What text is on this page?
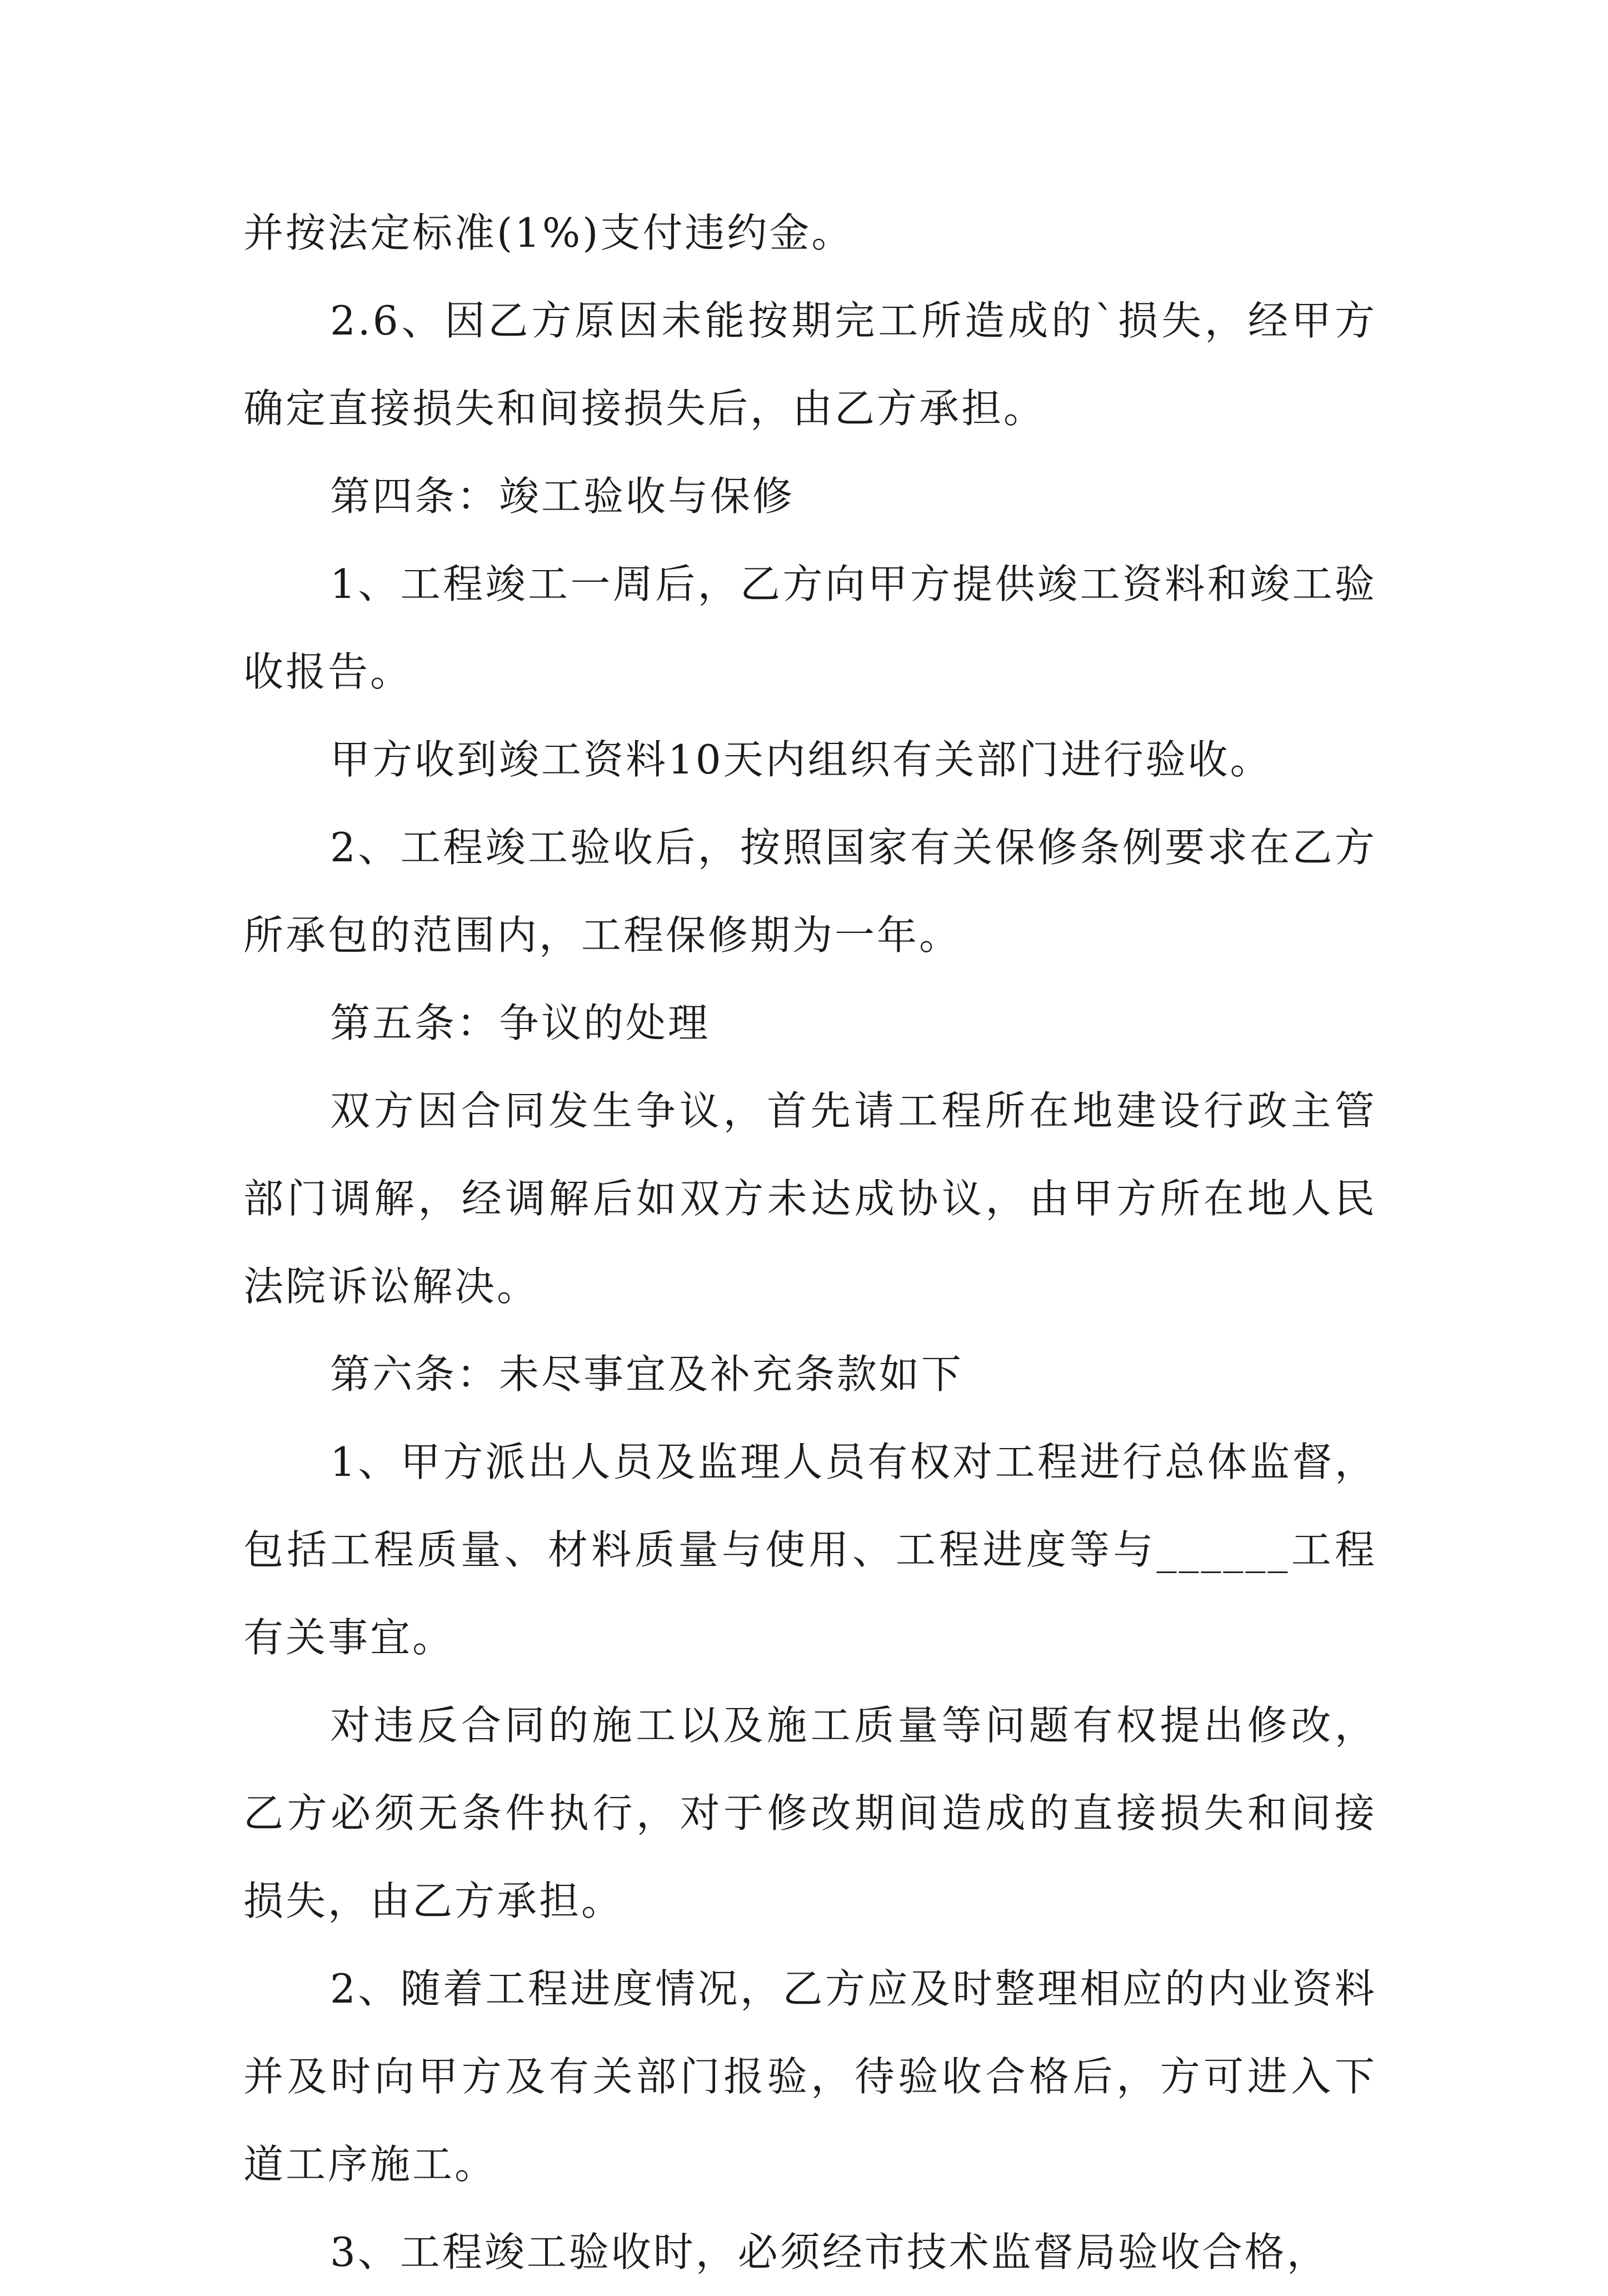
并按法定标准(1%)支付违约金。

2.6、因乙方原因未能按期完工所造成的`损失，经甲方确定直接损失和间接损失后，由乙方承担。

第四条：竣工验收与保修

1、工程竣工一周后，乙方向甲方提供竣工资料和竣工验收报告。

甲方收到竣工资料10天内组织有关部门进行验收。

2、工程竣工验收后，按照国家有关保修条例要求在乙方所承包的范围内，工程保修期为一年。

第五条：争议的处理

双方因合同发生争议，首先请工程所在地建设行政主管部门调解，经调解后如双方未达成协议，由甲方所在地人民法院诉讼解决。

第六条：未尽事宜及补充条款如下

1、甲方派出人员及监理人员有权对工程进行总体监督，包括工程质量、材料质量与使用、工程进度等与______工程有关事宜。

对违反合同的施工以及施工质量等问题有权提出修改，乙方必须无条件执行，对于修改期间造成的直接损失和间接损失，由乙方承担。

2、随着工程进度情况，乙方应及时整理相应的内业资料并及时向甲方及有关部门报验，待验收合格后，方可进入下道工序施工。

3、工程竣工验收时，必须经市技术监督局验收合格，
